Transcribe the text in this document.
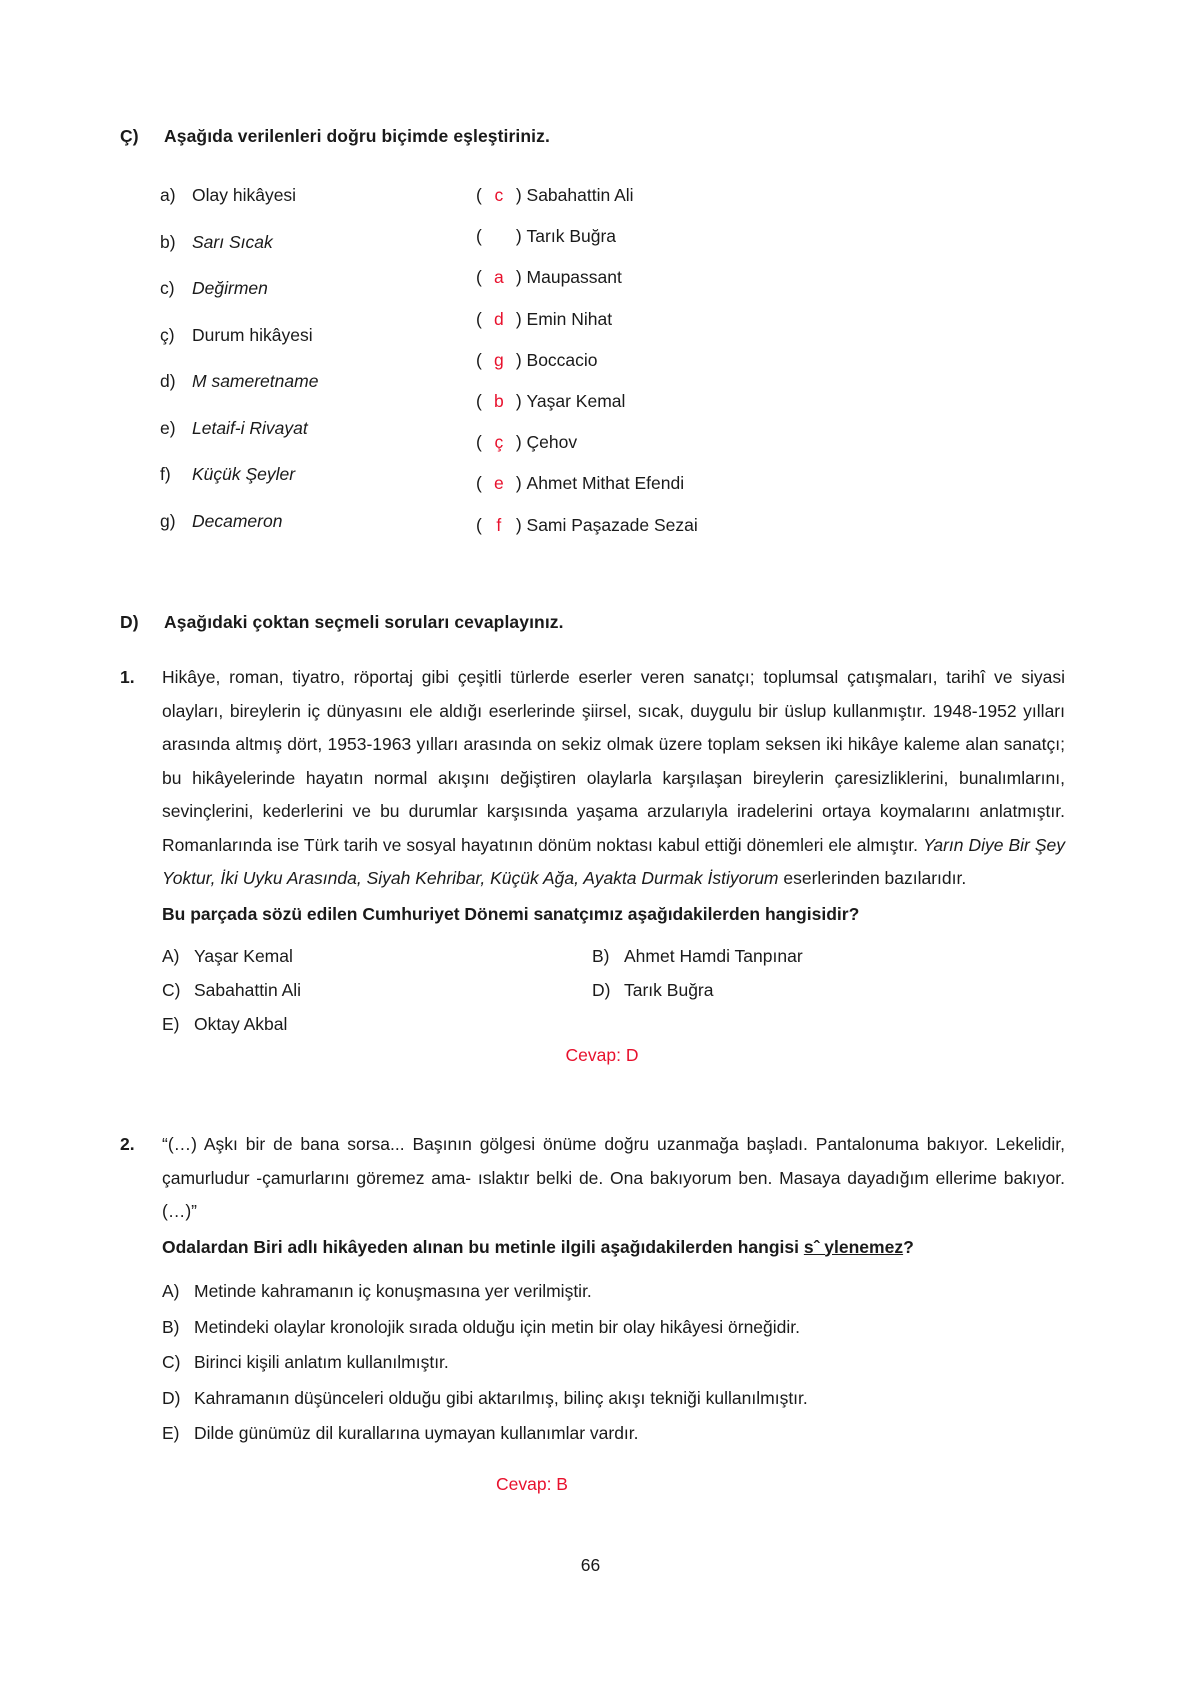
Ç)	Aşağıda verilenleri doğru biçimde eşleştiriniz.
a) Olay hikâyesi
b) Sarı Sıcak
c) Değirmen
ç) Durum hikâyesi
d) M sameretname
e) Letaif-i Rivayat
f)	Küçük Şeyler
g) Decameron
( c ) Sabahattin Ali
( ) Tarık Buğra
( a ) Maupassant
( d ) Emin Nihat
( g ) Boccacio
( b ) Yaşar Kemal
( ç ) Çehov
( e ) Ahmet Mithat Efendi
( f ) Sami Paşazade Sezai
D)	Aşağıdaki çoktan seçmeli soruları cevaplayınız.
1.	Hikâye, roman, tiyatro, röportaj gibi çeşitli türlerde eserler veren sanatçı; toplumsal çatışmaları, tarihî ve siyasi olayları, bireylerin iç dünyasını ele aldığı eserlerinde şiirsel, sıcak, duygulu bir üslup kullanmıştır. 1948-1952 yılları arasında altmış dört, 1953-1963 yılları arasında on sekiz olmak üzere toplam seksen iki hikâye kaleme alan sanatçı; bu hikâyelerinde hayatın normal akışını değiştiren olaylarla karşılaşan bireylerin çaresizliklerini, bunalımlarını, sevinçlerini, kederlerini ve bu durumlar karşısında yaşama arzularıyla iradelerini ortaya koymalarını anlatmıştır. Romanlarında ise Türk tarih ve sosyal hayatının dönüm noktası kabul ettiği dönemleri ele almıştır. Yarın Diye Bir Şey Yoktur, İki Uyku Arasında, Siyah Kehribar, Küçük Ağa, Ayakta Durmak İstiyorum eserlerinden bazılarıdır.
Bu parçada sözü edilen Cumhuriyet Dönemi sanatçımız aşağıdakilerden hangisidir?
A) Yaşar Kemal	B) Ahmet Hamdi Tanpınar
C) Sabahattin Ali	D) Tarık Buğra
E) Oktay Akbal
Cevap: D
2.	“(…) Aşkı bir de bana sorsa... Başının gölgesi önüme doğru uzanmağa başladı. Pantalonuma bakıyor. Lekelidir, çamurludur -çamurlarını göremez ama- ıslaktır belki de. Ona bakıyorum ben. Masaya dayadığım ellerime bakıyor. (…)”
Odalardan Biri adlı hikâyeden alınan bu metinle ilgili aşağıdakilerden hangisi sˆ ylenemez?
A) Metinde kahramanın iç konuşmasına yer verilmiştir.
B) Metindeki olaylar kronolojik sırada olduğu için metin bir olay hikâyesi örneğidir.
C) Birinci kişili anlatım kullanılmıştır.
D) Kahramanın düşünceleri olduğu gibi aktarılmış, bilinç akışı tekniği kullanılmıştır.
E) Dilde günümüz dil kurallarına uymayan kullanımlar vardır.
Cevap: B
66
